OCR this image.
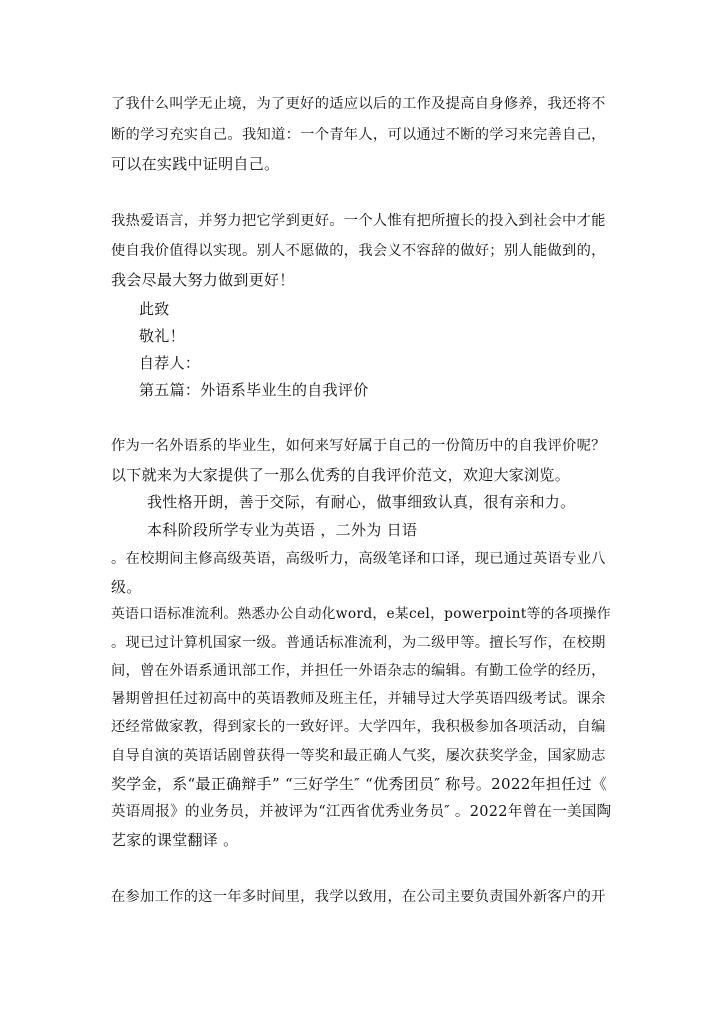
了我什么叫学无止境，为了更好的适应以后的工作及提高自身修养，我还将不
断的学习充实自己。我知道：一个青年人，可以通过不断的学习来完善自己，
可以在实践中证明自己。
我热爱语言，并努力把它学到更好。一个人惟有把所擅长的投入到社会中才能
使自我价值得以实现。别人不愿做的，我会义不容辞的做好；别人能做到的，
我会尽最大努力做到更好！
此致
敬礼！
自荐人：
第五篇：外语系毕业生的自我评价
作为一名外语系的毕业生，如何来写好属于自己的一份简历中的自我评价呢？
以下就来为大家提供了一那么优秀的自我评价范文，欢迎大家浏览。
我性格开朗，善于交际，有耐心，做事细致认真，很有亲和力。
本科阶段所学专业为英语 ，二外为 日语
。在校期间主修高级英语，高级听力，高级笔译和口译，现已通过英语专业八
级。
英语口语标准流利。熟悉办公自动化word，e某cel，powerpoint等的各项操作
。现已过计算机国家一级。普通话标准流利，为二级甲等。擅长写作，在校期
间，曾在外语系通讯部工作，并担任一外语杂志的编辑。有勤工俭学的经历，
暑期曾担任过初高中的英语教师及班主任，并辅导过大学英语四级考试。课余
还经常做家教，得到家长的一致好评。大学四年，我积极参加各项活动，自编
自导自演的英语话剧曾获得一等奖和最正确人气奖，屡次获奖学金，国家励志
奖学金，系“最正确辩手” “三好学生″ “优秀团员″ 称号。2022年担任过《
英语周报》的业务员，并被评为“江西省优秀业务员″ 。2022年曾在一美国陶
艺家的课堂翻译 。
在参加工作的这一年多时间里，我学以致用，在公司主要负责国外新客户的开
